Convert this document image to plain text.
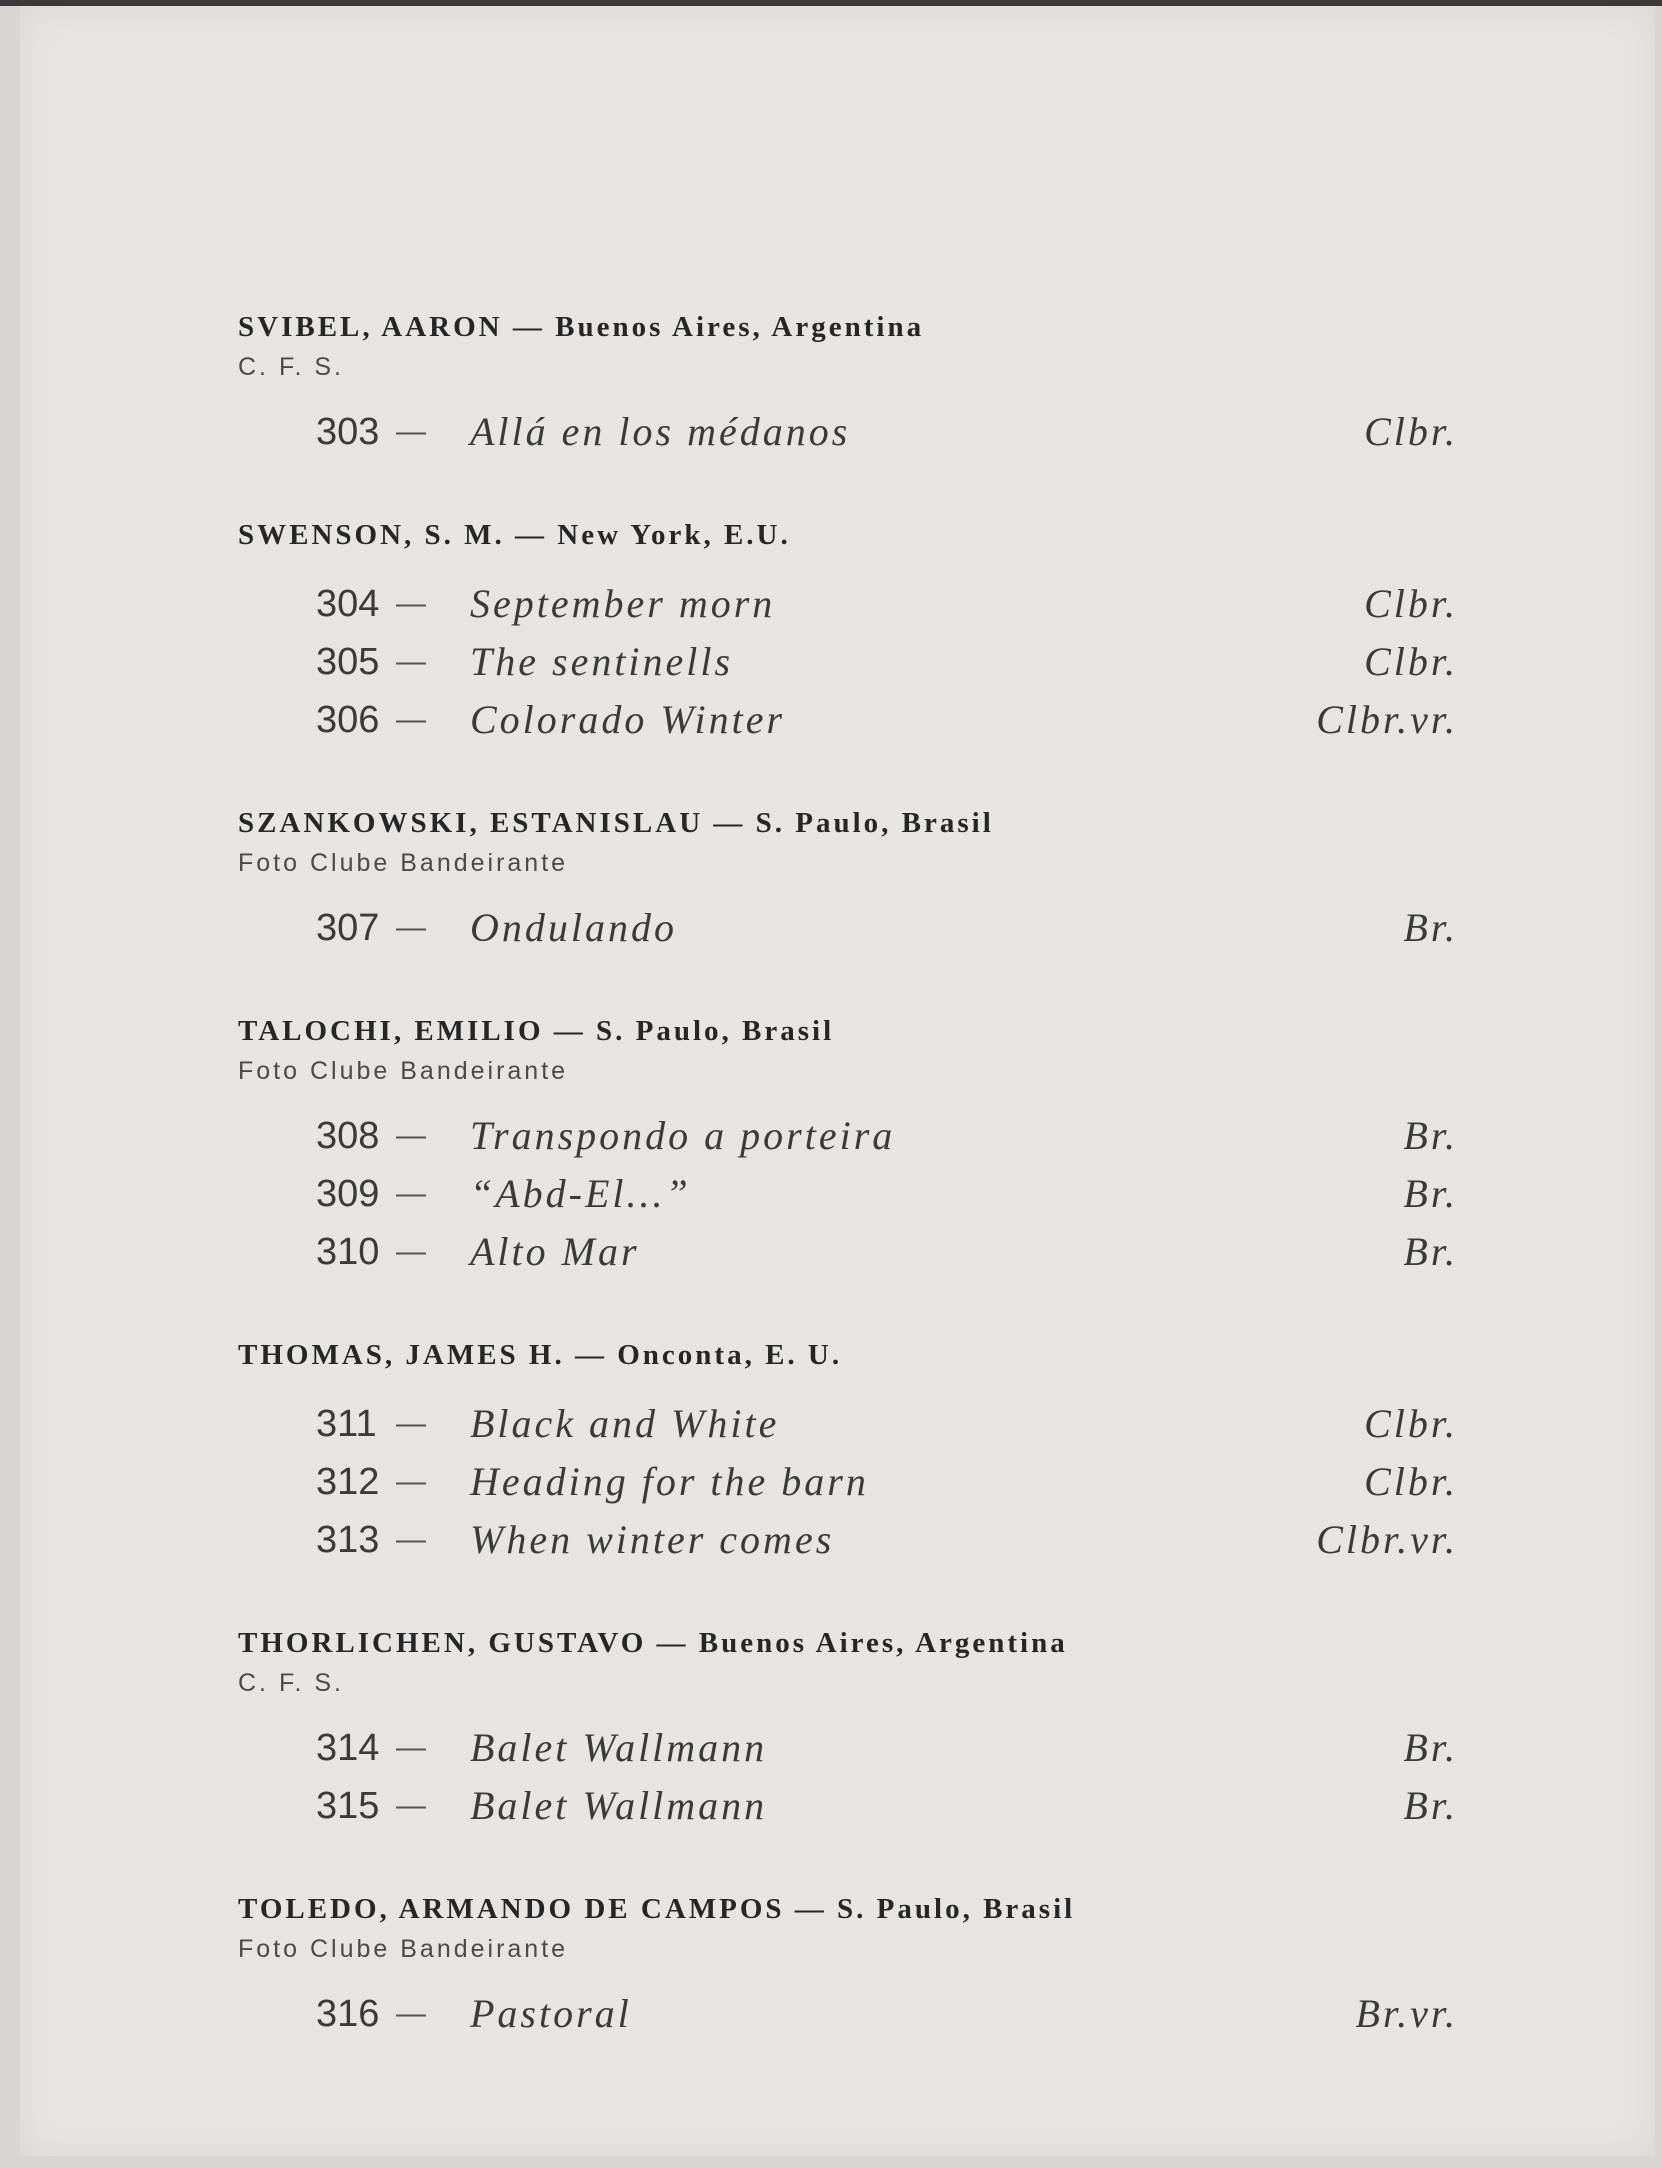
SVIBEL, AARON — Buenos Aires, Argentina
C. F. S.
303 — Allá en los médanos	Clbr.
SWENSON, S. M. — New York, E.U.
304 — September morn	Clbr.
305 — The sentinells	Clbr.
306 — Colorado Winter	Clbr.vr.
SZANKOWSKI, ESTANISLAU — S. Paulo, Brasil
Foto Clube Bandeirante
307 — Ondulando	Br.
TALOCHI, EMILIO — S. Paulo, Brasil
Foto Clube Bandeirante
308 — Transpondo a porteira	Br.
309 — “Abd-El...”	Br.
310 — Alto Mar	Br.
THOMAS, JAMES H. — Onconta, E. U.
311 — Black and White	Clbr.
312 — Heading for the barn	Clbr.
313 — When winter comes	Clbr.vr.
THORLICHEN, GUSTAVO — Buenos Aires, Argentina
C. F. S.
314 — Balet Wallmann	Br.
315 — Balet Wallmann	Br.
TOLEDO, ARMANDO DE CAMPOS — S. Paulo, Brasil
Foto Clube Bandeirante
316 — Pastoral	Br.vr.
